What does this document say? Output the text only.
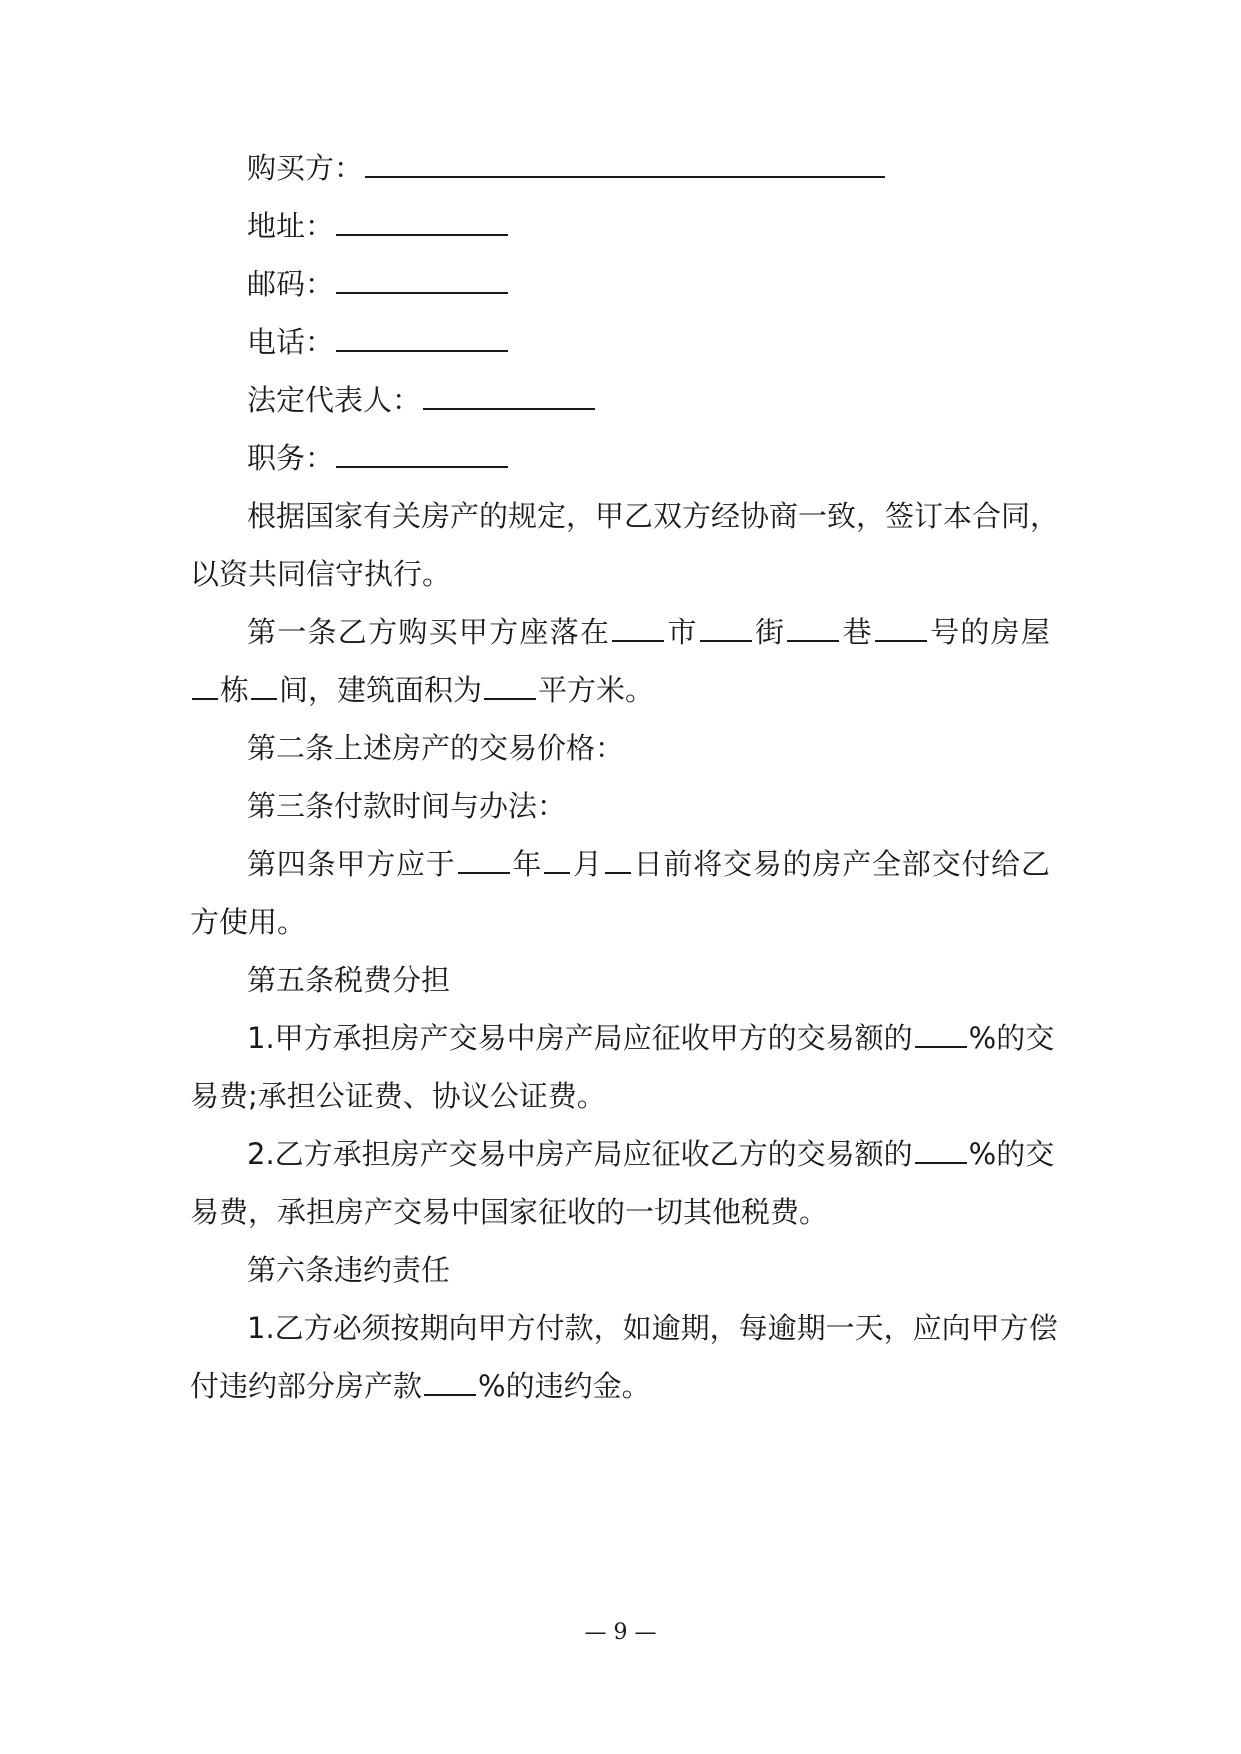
购买方：
地址：
邮码：
电话：
法定代表人：
职务：
根据国家有关房产的规定，甲乙双方经协商一致，签订本合同，
以资共同信守执行。
第一条乙方购买甲方座落在 市 街 巷 号的房屋
栋 间，建筑面积为 平方米。
第二条上述房产的交易价格：
第三条付款时间与办法：
第四条甲方应于 年 月 日前将交易的房产全部交付给乙
方使用。
第五条税费分担
1.甲方承担房产交易中房产局应征收甲方的交易额的 %的交
易费;承担公证费、协议公证费。
2.乙方承担房产交易中房产局应征收乙方的交易额的 %的交
易费，承担房产交易中国家征收的一切其他税费。
第六条违约责任
1.乙方必须按期向甲方付款，如逾期，每逾期一天，应向甲方偿
付违约部分房产款 %的违约金。
— 9 —
